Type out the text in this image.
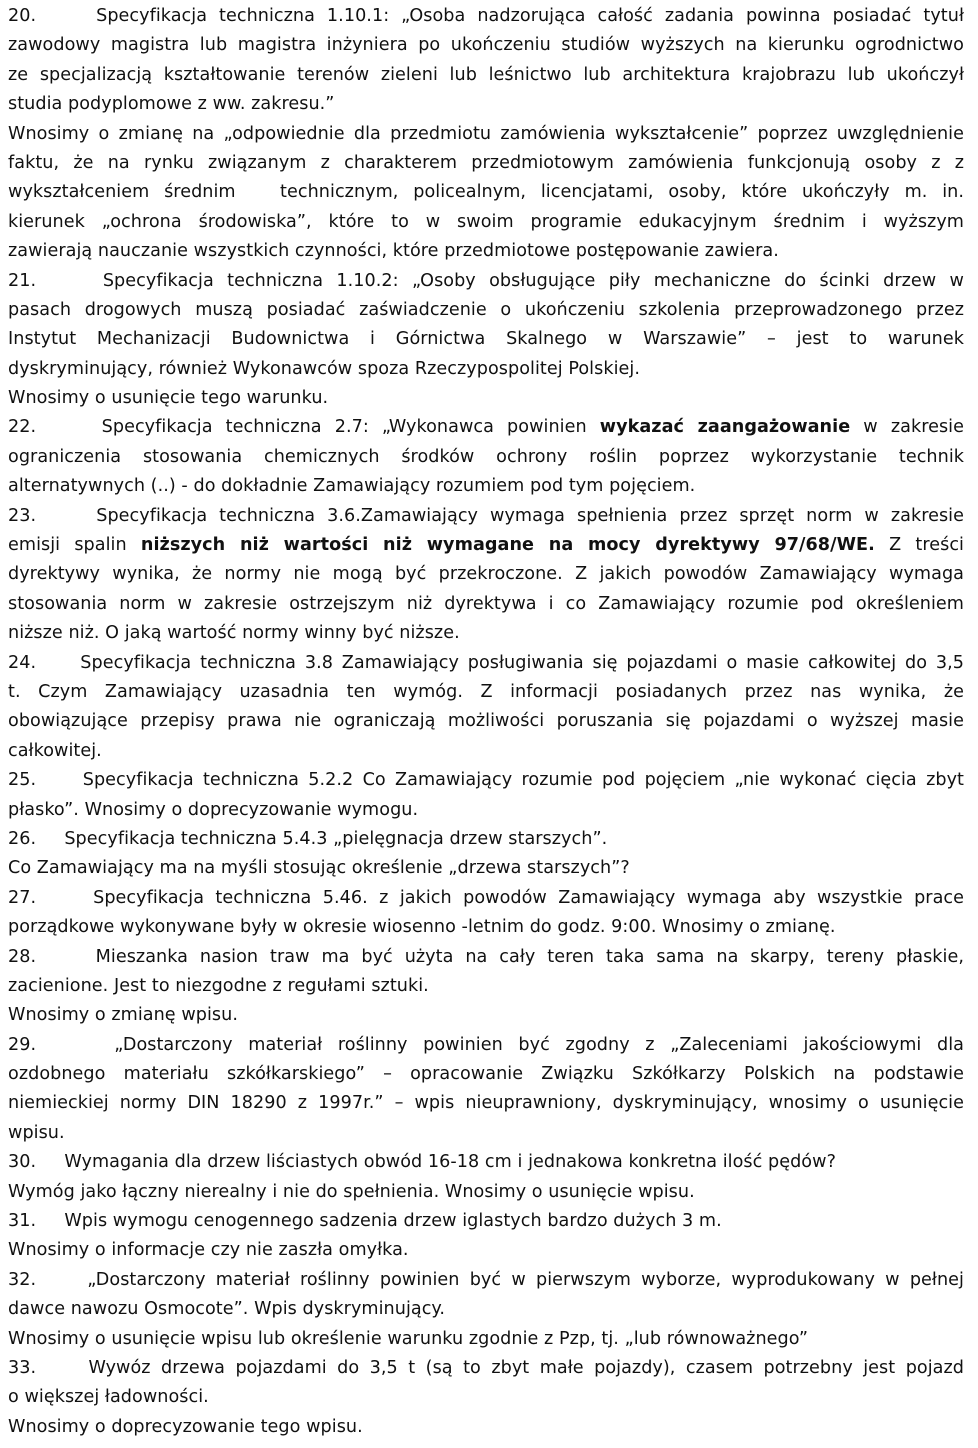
20.     Specyfikacja techniczna 1.10.1: „Osoba nadzorująca całość zadania powinna posiadać tytuł
zawodowy magistra lub magistra inżyniera po ukończeniu studiów wyższych na kierunku ogrodnictwo
ze specjalizacją kształtowanie terenów zieleni lub leśnictwo lub architektura krajobrazu lub ukończył
studia podyplomowe z ww. zakresu.”
Wnosimy o zmianę na „odpowiednie dla przedmiotu zamówienia wykształcenie” poprzez uwzględnienie
faktu, że na rynku związanym z charakterem przedmiotowym zamówienia funkcjonują osoby z z
wykształceniem średnim   technicznym, policealnym, licencjatami, osoby, które ukończyły m. in.
kierunek „ochrona środowiska”, które to w swoim programie edukacyjnym średnim i wyższym
zawierają nauczanie wszystkich czynności, które przedmiotowe postępowanie zawiera.
21.     Specyfikacja techniczna 1.10.2: „Osoby obsługujące piły mechaniczne do ścinki drzew w
pasach drogowych muszą posiadać zaświadczenie o ukończeniu szkolenia przeprowadzonego przez
Instytut Mechanizacji Budownictwa i Górnictwa Skalnego w Warszawie” – jest to warunek
dyskryminujący, również Wykonawców spoza Rzeczypospolitej Polskiej.
Wnosimy o usunięcie tego warunku.
22.     Specyfikacja techniczna 2.7: „Wykonawca powinien wykazać zaangażowanie w zakresie
ograniczenia stosowania chemicznych środków ochrony roślin poprzez wykorzystanie technik
alternatywnych (..) - do dokładnie Zamawiający rozumiem pod tym pojęciem.
23.     Specyfikacja techniczna 3.6.Zamawiający wymaga spełnienia przez sprzęt norm w zakresie
emisji spalin niższych niż wartości niż wymagane na mocy dyrektywy 97/68/WE. Z treści
dyrektywy wynika, że normy nie mogą być przekroczone. Z jakich powodów Zamawiający wymaga
stosowania norm w zakresie ostrzejszym niż dyrektywa i co Zamawiający rozumie pod określeniem
niższe niż. O jaką wartość normy winny być niższe.
24.     Specyfikacja techniczna 3.8 Zamawiający posługiwania się pojazdami o masie całkowitej do 3,5
t. Czym Zamawiający uzasadnia ten wymóg. Z informacji posiadanych przez nas wynika, że
obowiązujące przepisy prawa nie ograniczają możliwości poruszania się pojazdami o wyższej masie
całkowitej.
25.     Specyfikacja techniczna 5.2.2 Co Zamawiający rozumie pod pojęciem „nie wykonać cięcia zbyt
płasko”. Wnosimy o doprecyzowanie wymogu.
26.     Specyfikacja techniczna 5.4.3 „pielęgnacja drzew starszych”.
Co Zamawiający ma na myśli stosując określenie „drzewa starszych”?
27.     Specyfikacja techniczna 5.46. z jakich powodów Zamawiający wymaga aby wszystkie prace
porządkowe wykonywane były w okresie wiosenno -letnim do godz. 9:00. Wnosimy o zmianę.
28.     Mieszanka nasion traw ma być użyta na cały teren taka sama na skarpy, tereny płaskie,
zacienione. Jest to niezgodne z regułami sztuki.
Wnosimy o zmianę wpisu.
29.     „Dostarczony materiał roślinny powinien być zgodny z „Zaleceniami jakościowymi dla
ozdobnego materiału szkółkarskiego” – opracowanie Związku Szkółkarzy Polskich na podstawie
niemieckiej normy DIN 18290 z 1997r.” – wpis nieuprawniony, dyskryminujący, wnosimy o usunięcie
wpisu.
30.     Wymagania dla drzew liściastych obwód 16-18 cm i jednakowa konkretna ilość pędów?
Wymóg jako łączny nierealny i nie do spełnienia. Wnosimy o usunięcie wpisu.
31.     Wpis wymogu cenogennego sadzenia drzew iglastych bardzo dużych 3 m.
Wnosimy o informacje czy nie zaszła omyłka.
32.     „Dostarczony materiał roślinny powinien być w pierwszym wyborze, wyprodukowany w pełnej
dawce nawozu Osmocote”. Wpis dyskryminujący.
Wnosimy o usunięcie wpisu lub określenie warunku zgodnie z Pzp, tj. „lub równoważnego”
33.     Wywóz drzewa pojazdami do 3,5 t (są to zbyt małe pojazdy), czasem potrzebny jest pojazd
o większej ładowności.
Wnosimy o doprecyzowanie tego wpisu.
